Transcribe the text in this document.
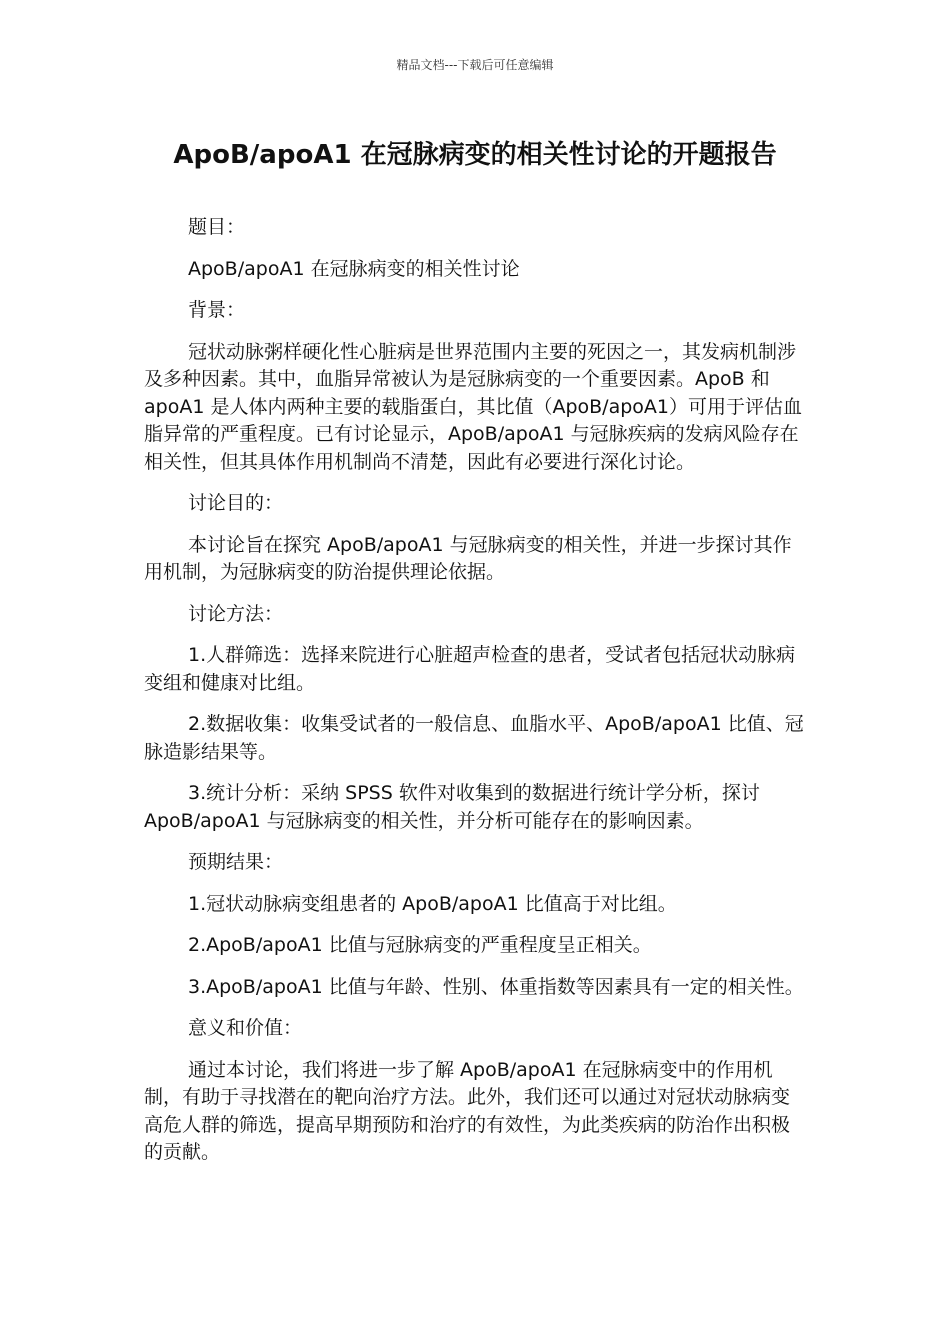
精品文档---下载后可任意编辑
ApoB/apoA1 在冠脉病变的相关性讨论的开题报告

题目：

ApoB/apoA1 在冠脉病变的相关性讨论

背景：

冠状动脉粥样硬化性心脏病是世界范围内主要的死因之一，其发病机制涉及多种因素。其中，血脂异常被认为是冠脉病变的一个重要因素。ApoB 和 apoA1 是人体内两种主要的载脂蛋白，其比值（ApoB/apoA1）可用于评估血脂异常的严重程度。已有讨论显示，ApoB/apoA1 与冠脉疾病的发病风险存在相关性，但其具体作用机制尚不清楚，因此有必要进行深化讨论。

讨论目的：

本讨论旨在探究 ApoB/apoA1 与冠脉病变的相关性，并进一步探讨其作用机制，为冠脉病变的防治提供理论依据。

讨论方法：

1.人群筛选：选择来院进行心脏超声检查的患者，受试者包括冠状动脉病变组和健康对比组。

2.数据收集：收集受试者的一般信息、血脂水平、ApoB/apoA1 比值、冠脉造影结果等。

3.统计分析：采纳 SPSS 软件对收集到的数据进行统计学分析，探讨 ApoB/apoA1 与冠脉病变的相关性，并分析可能存在的影响因素。

预期结果：

1.冠状动脉病变组患者的 ApoB/apoA1 比值高于对比组。

2.ApoB/apoA1 比值与冠脉病变的严重程度呈正相关。

3.ApoB/apoA1 比值与年龄、性别、体重指数等因素具有一定的相关性。

意义和价值：

通过本讨论，我们将进一步了解 ApoB/apoA1 在冠脉病变中的作用机制，有助于寻找潜在的靶向治疗方法。此外，我们还可以通过对冠状动脉病变高危人群的筛选，提高早期预防和治疗的有效性，为此类疾病的防治作出积极的贡献。
